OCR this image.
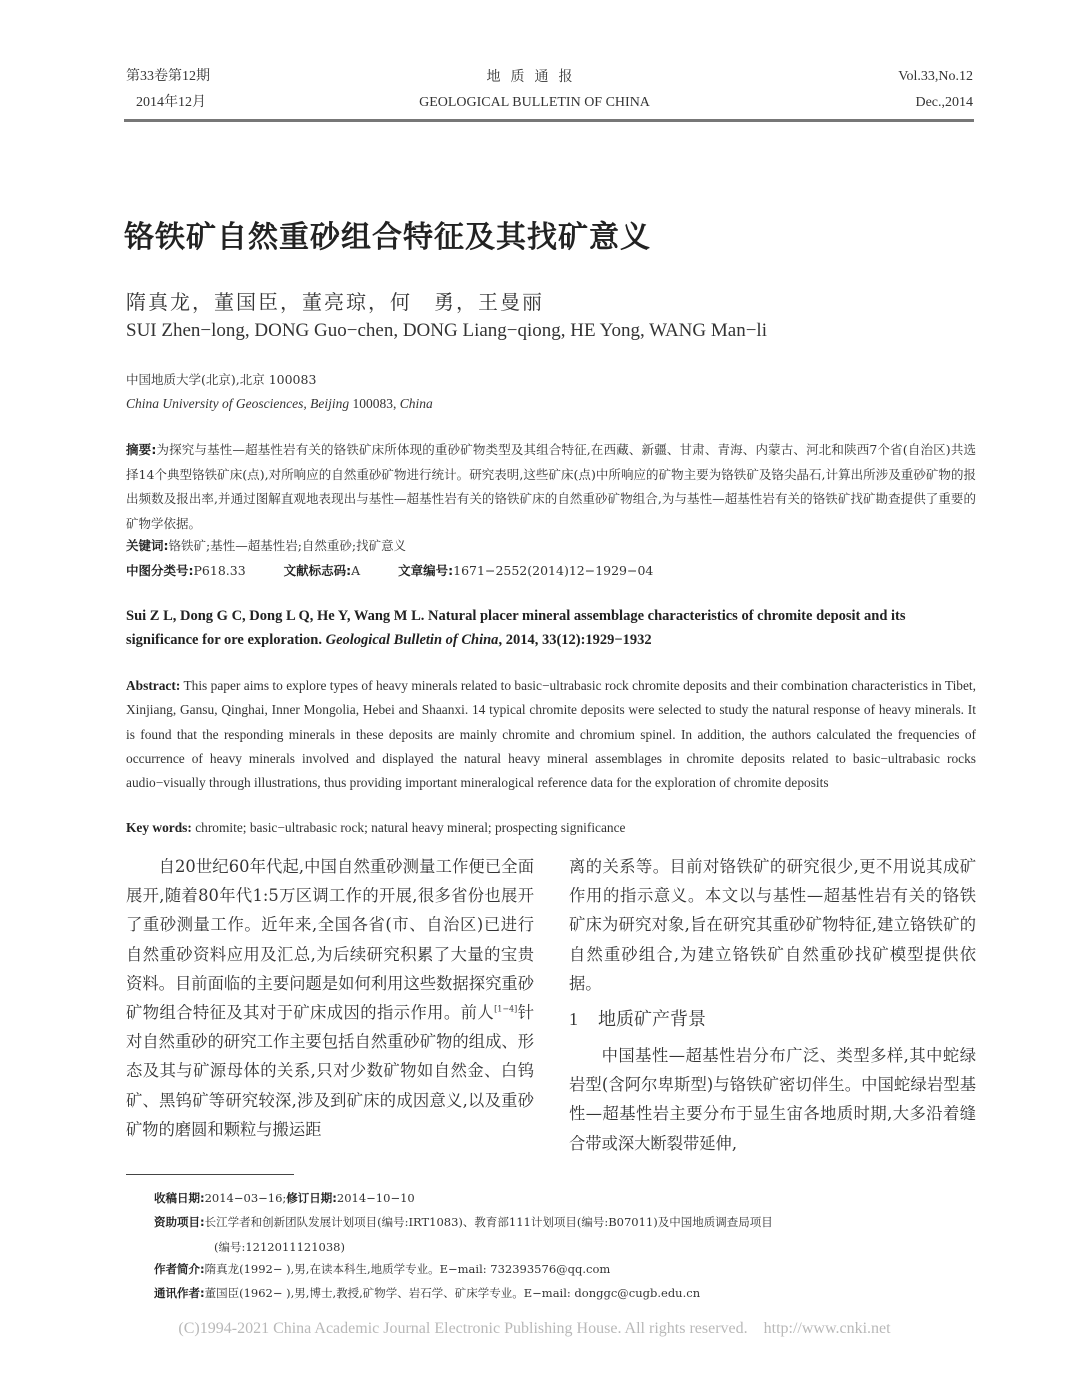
第33卷第12期
2014年12月
地质通报
GEOLOGICAL BULLETIN OF CHINA
Vol.33,No.12
Dec.,2014
铬铁矿自然重砂组合特征及其找矿意义
隋真龙，董国臣，董亮琼，何　勇，王曼丽
SUI Zhen−long, DONG Guo−chen, DONG Liang−qiong, HE Yong, WANG Man−li
中国地质大学(北京),北京 100083
China University of Geosciences, Beijing 100083, China
摘要:为探究与基性—超基性岩有关的铬铁矿床所体现的重砂矿物类型及其组合特征,在西藏、新疆、甘肃、青海、内蒙古、河北和陕西7个省(自治区)共选择14个典型铬铁矿床(点),对所响应的自然重砂矿物进行统计。研究表明,这些矿床(点)中所响应的矿物主要为铬铁矿及铬尖晶石,计算出所涉及重砂矿物的报出频数及报出率,并通过图解直观地表现出与基性—超基性岩有关的铬铁矿床的自然重砂矿物组合,为与基性—超基性岩有关的铬铁矿找矿勘查提供了重要的矿物学依据。
关键词:铬铁矿;基性—超基性岩;自然重砂;找矿意义
中图分类号:P618.33	文献标志码:A	文章编号:1671−2552(2014)12−1929−04
Sui Z L, Dong G C, Dong L Q, He Y, Wang M L. Natural placer mineral assemblage characteristics of chromite deposit and its significance for ore exploration. Geological Bulletin of China, 2014, 33(12):1929−1932
Abstract: This paper aims to explore types of heavy minerals related to basic−ultrabasic rock chromite deposits and their combination characteristics in Tibet, Xinjiang, Gansu, Qinghai, Inner Mongolia, Hebei and Shaanxi. 14 typical chromite deposits were selected to study the natural response of heavy minerals. It is found that the responding minerals in these deposits are mainly chromite and chromium spinel. In addition, the authors calculated the frequencies of occurrence of heavy minerals involved and displayed the natural heavy mineral assemblages in chromite deposits related to basic−ultrabasic rocks audio−visually through illustrations, thus providing important mineralogical reference data for the exploration of chromite deposits
Key words: chromite; basic−ultrabasic rock; natural heavy mineral; prospecting significance

自20世纪60年代起,中国自然重砂测量工作便已全面展开,随着80年代1:5万区调工作的开展,很多省份也展开了重砂测量工作。近年来,全国各省(市、自治区)已进行自然重砂资料应用及汇总,为后续研究积累了大量的宝贵资料。目前面临的主要问题是如何利用这些数据探究重砂矿物组合特征及其对于矿床成因的指示作用。前人[1−4]针对自然重砂的研究工作主要包括自然重砂矿物的组成、形态及其与矿源母体的关系,只对少数矿物如自然金、白钨矿、黑钨矿等研究较深,涉及到矿床的成因意义,以及重砂矿物的磨圆和颗粒与搬运距

离的关系等。目前对铬铁矿的研究很少,更不用说其成矿作用的指示意义。本文以与基性—超基性岩有关的铬铁矿床为研究对象,旨在研究其重砂矿物特征,建立铬铁矿的自然重砂组合,为建立铬铁矿自然重砂找矿模型提供依据。

1 地质矿产背景

中国基性—超基性岩分布广泛、类型多样,其中蛇绿岩型(含阿尔卑斯型)与铬铁矿密切伴生。中国蛇绿岩型基性—超基性岩主要分布于显生宙各地质时期,大多沿着缝合带或深大断裂带延伸,

收稿日期:2014−03−16;修订日期:2014−10−10
资助项目:长江学者和创新团队发展计划项目(编号:IRT1083)、教育部111计划项目(编号:B07011)及中国地质调查局项目
(编号:1212011121038)
作者简介:隋真龙(1992− ),男,在读本科生,地质学专业。E−mail: 732393576@qq.com
通讯作者:董国臣(1962− ),男,博士,教授,矿物学、岩石学、矿床学专业。E−mail: donggc@cugb.edu.cn
(C)1994-2021 China Academic Journal Electronic Publishing House. All rights reserved.    http://www.cnki.net
